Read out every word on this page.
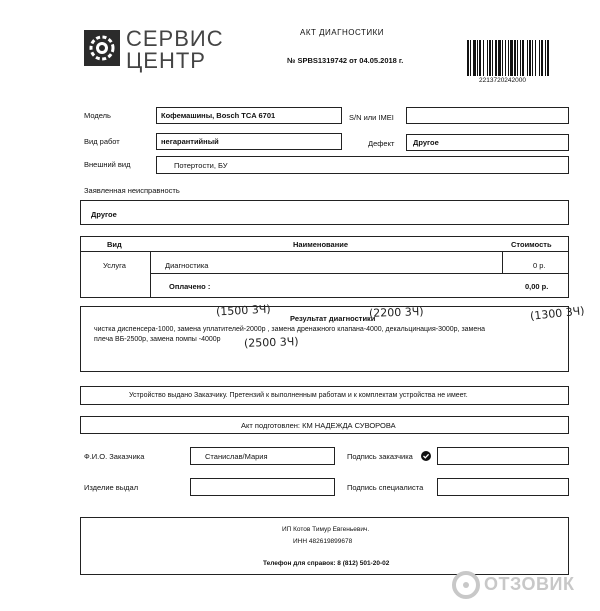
СЕРВИС
ЦЕНТР
АКТ ДИАГНОСТИКИ
№ SPBS1319742 от 04.05.2018 г.
2213720242000
Модель	Кофемашины, Bosch TCA 6701	S/N или IMEI
Вид работ	негарантийный	Дефект Другое
Внешний вид	Потертости, БУ
Заявленная неисправность
Другое
Вид	Наименование	Стоимость
Услуга	Диагностика	0 р.
Оплачено :	0,00 р.
Результат диагностики
чистка диспенсера-1000, замена уплатителей-2000р , замена дренажного клапана-4000, декальцинация-3000р, замена
плеча ВБ-2500р, замена помпы -4000р
(1500 3Ч)	(2200 3Ч)	(1300 3Ч)
(2500 3Ч)
Устройство выдано Заказчику. Претензий к выполненным работам и к комплектам устройства не имеет.
Акт подготовлен: КМ НАДЕЖДА СУВОРОВА
Ф.И.О. Заказчика	Станиcлав/Мария	Подпись заказчика
Изделие выдал	Подпись специалиста
ИП Котов Тимур Евгеньевич.
ИНН 482619899678
Телефон для справок: 8 (812) 501-20-02
ОТЗОВИК
